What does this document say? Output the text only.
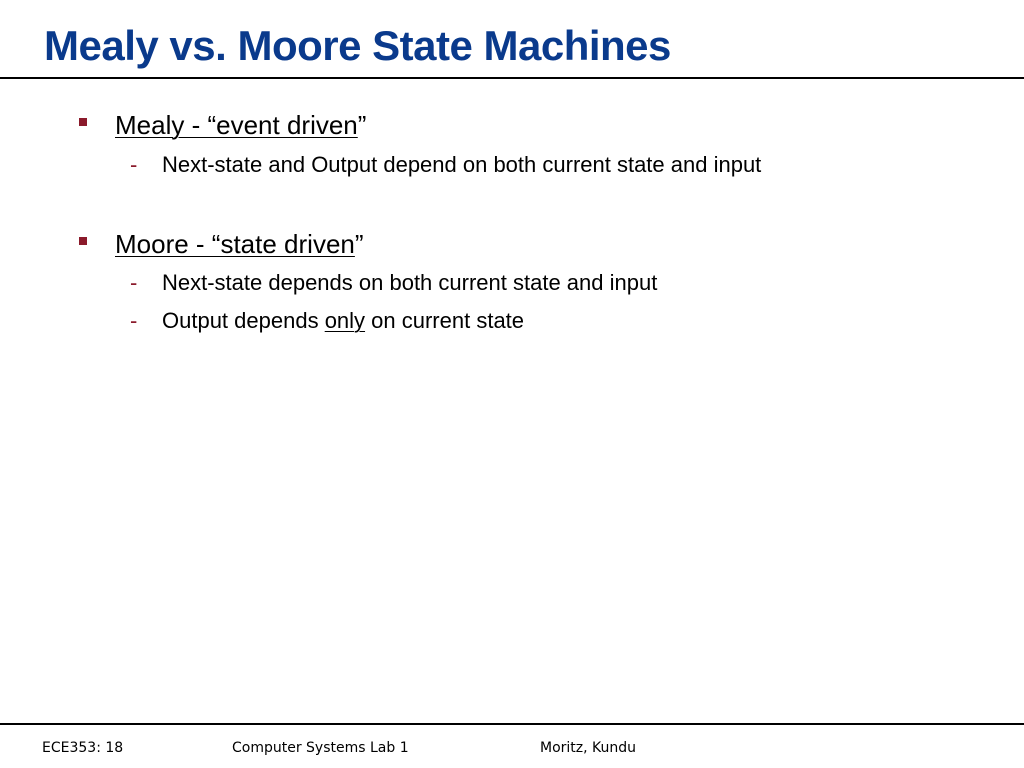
Mealy vs. Moore State Machines
Mealy - “event driven”
- Next-state and Output depend on both current state and input
Moore - “state driven”
- Next-state depends on both current state and input
- Output depends only on current state
ECE353: 18	Computer Systems Lab 1	Moritz, Kundu
